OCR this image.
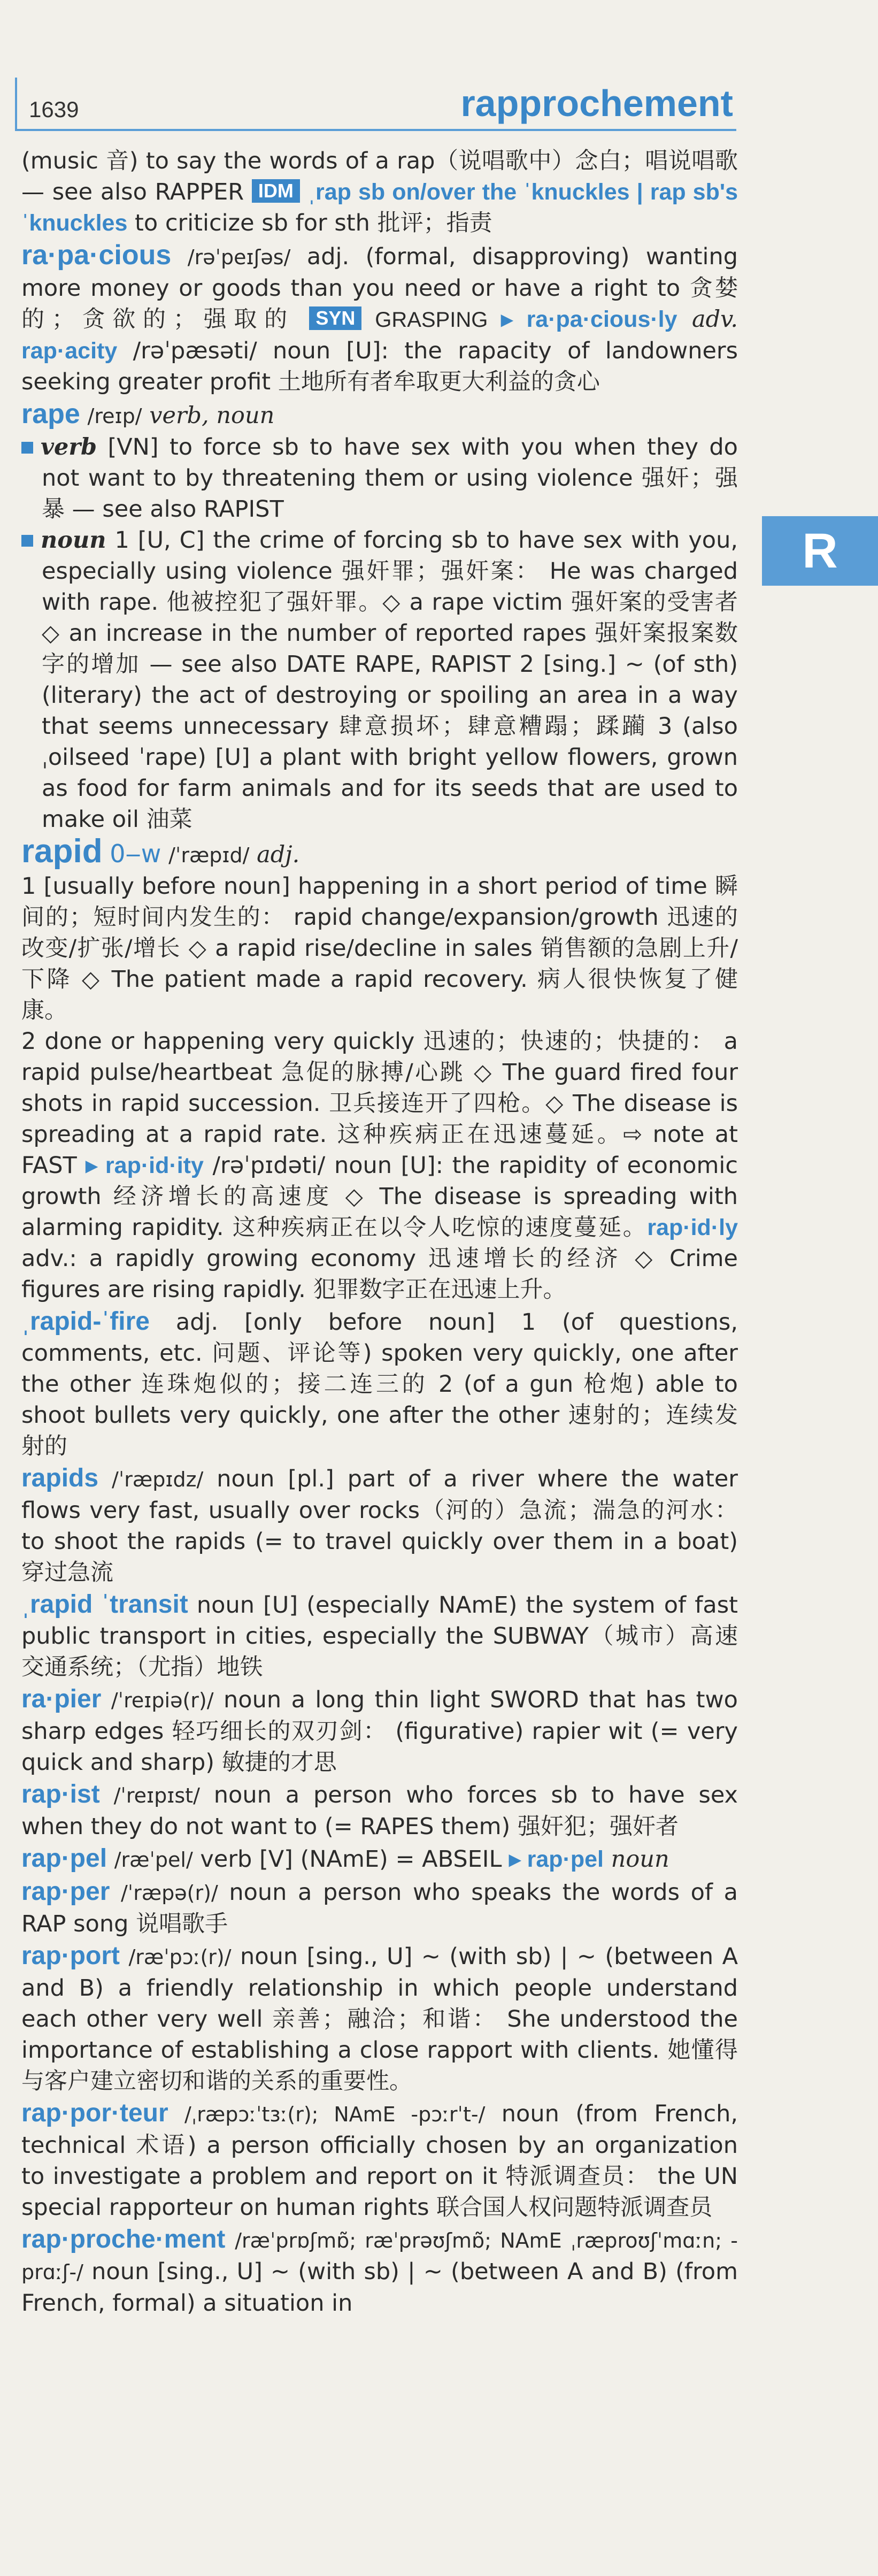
R
1639	rapprochement

(music 音) to say the words of a rap（说唱歌中）念白；唱说唱歌 — see also RAPPER IDM ˌrap sb on/over the ˈknuckles | rap sb's ˈknuckles to criticize sb for sth 批评；指责

ra·pa·cious /rəˈpeɪʃəs/ adj. (formal, disapproving) wanting more money or goods than you need or have a right to 贪婪的；贪欲的；强取的 SYN GRASPING ▸ ra·pa·cious·ly adv. rap·acity /rəˈpæsəti/ noun [U]: the rapacity of landowners seeking greater profit 土地所有者牟取更大利益的贪心

rape /reɪp/ verb, noun
verb [VN] to force sb to have sex with you when they do not want to by threatening them or using violence 强奸；强暴 — see also RAPIST
noun 1 [U, C] the crime of forcing sb to have sex with you, especially using violence 强奸罪；强奸案： He was charged with rape. 他被控犯了强奸罪。◇ a rape victim 强奸案的受害者 ◇ an increase in the number of reported rapes 强奸案报案数字的增加 — see also DATE RAPE, RAPIST 2 [sing.] ~ (of sth) (literary) the act of destroying or spoiling an area in a way that seems unnecessary 肆意损坏；肆意糟蹋；蹂躏 3 (also ˌoilseed ˈrape) [U] a plant with bright yellow flowers, grown as food for farm animals and for its seeds that are used to make oil 油菜

rapid 0‒w /ˈræpɪd/ adj.
1 [usually before noun] happening in a short period of time 瞬间的；短时间内发生的： rapid change/expansion/growth 迅速的改变/扩张/增长 ◇ a rapid rise/decline in sales 销售额的急剧上升/下降 ◇ The patient made a rapid recovery. 病人很快恢复了健康。
2 done or happening very quickly 迅速的；快速的；快捷的： a rapid pulse/heartbeat 急促的脉搏/心跳 ◇ The guard fired four shots in rapid succession. 卫兵接连开了四枪。◇ The disease is spreading at a rapid rate. 这种疾病正在迅速蔓延。⇨ note at FAST ▸ rap·id·ity /rəˈpɪdəti/ noun [U]: the rapidity of economic growth 经济增长的高速度 ◇ The disease is spreading with alarming rapidity. 这种疾病正在以令人吃惊的速度蔓延。rap·id·ly adv.: a rapidly growing economy 迅速增长的经济 ◇ Crime figures are rising rapidly. 犯罪数字正在迅速上升。

ˌrapid-ˈfire adj. [only before noun] 1 (of questions, comments, etc. 问题、评论等) spoken very quickly, one after the other 连珠炮似的；接二连三的 2 (of a gun 枪炮) able to shoot bullets very quickly, one after the other 速射的；连续发射的

rapids /ˈræpɪdz/ noun [pl.] part of a river where the water flows very fast, usually over rocks（河的）急流；湍急的河水： to shoot the rapids (= to travel quickly over them in a boat) 穿过急流

ˌrapid ˈtransit noun [U] (especially NAmE) the system of fast public transport in cities, especially the SUBWAY（城市）高速交通系统；（尤指）地铁

ra·pier /ˈreɪpiə(r)/ noun a long thin light SWORD that has two sharp edges 轻巧细长的双刃剑： (figurative) rapier wit (= very quick and sharp) 敏捷的才思

rap·ist /ˈreɪpɪst/ noun a person who forces sb to have sex when they do not want to (= RAPES them) 强奸犯；强奸者

rap·pel /ræˈpel/ verb [V] (NAmE) = ABSEIL ▸ rap·pel noun

rap·per /ˈræpə(r)/ noun a person who speaks the words of a RAP song 说唱歌手

rap·port /ræˈpɔː(r)/ noun [sing., U] ~ (with sb) | ~ (between A and B) a friendly relationship in which people understand each other very well 亲善；融洽；和谐： She understood the importance of establishing a close rapport with clients. 她懂得与客户建立密切和谐的关系的重要性。

rap·por·teur /ˌræpɔːˈtɜː(r); NAmE -pɔːrˈt-/ noun (from French, technical 术语) a person officially chosen by an organization to investigate a problem and report on it 特派调查员： the UN special rapporteur on human rights 联合国人权问题特派调查员

rap·proche·ment /ræˈprɒʃmɒ̃; ræˈprəʊʃmɒ̃; NAmE ˌræproʊʃˈmɑːn; -prɑːʃ-/ noun [sing., U] ~ (with sb) | ~ (between A and B) (from French, formal) a situation in
